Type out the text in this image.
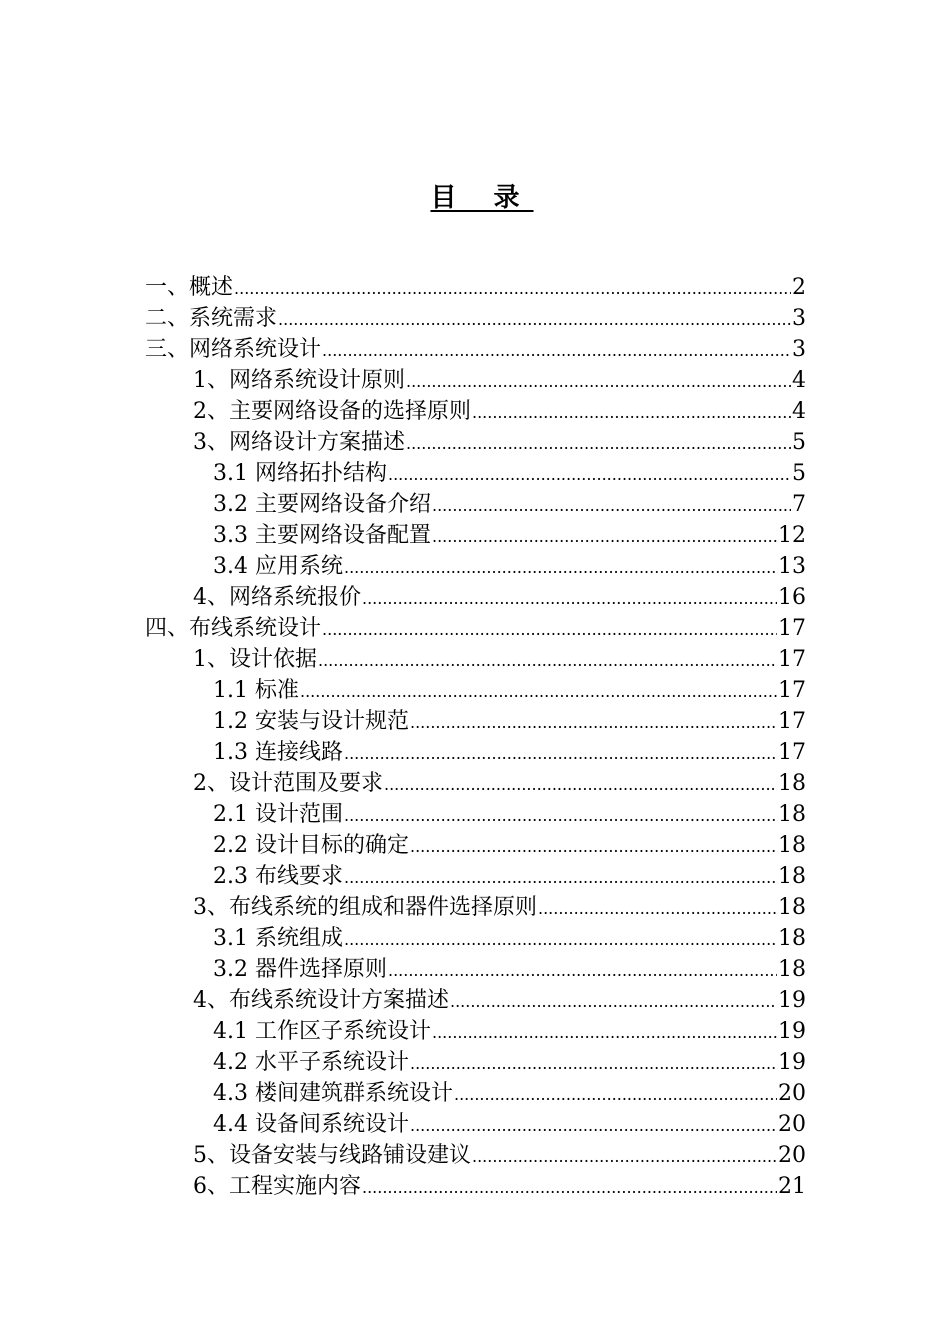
目 录
一、概述 .....	2
二、系统需求 .....	3
三、网络系统设计 .....	3
1、网络系统设计原则 .....	4
2、主要网络设备的选择原则 .....	4
3、网络设计方案描述 .....	5
3.1 网络拓扑结构 .....	5
3.2 主要网络设备介绍 .....	7
3.3 主要网络设备配置 .....	12
3.4 应用系统 .....	13
4、网络系统报价 .....	16
四、布线系统设计 .....	17
1、设计依据 .....	17
1.1 标准 .....	17
1.2 安装与设计规范 .....	17
1.3 连接线路 .....	17
2、设计范围及要求 .....	18
2.1 设计范围 .....	18
2.2 设计目标的确定 .....	18
2.3 布线要求 .....	18
3、布线系统的组成和器件选择原则 .....	18
3.1 系统组成 .....	18
3.2 器件选择原则 .....	18
4、布线系统设计方案描述 .....	19
4.1 工作区子系统设计 .....	19
4.2 水平子系统设计 .....	19
4.3 楼间建筑群系统设计 .....	20
4.4 设备间系统设计 .....	20
5、设备安装与线路铺设建议 .....	20
6、工程实施内容 .....	21
